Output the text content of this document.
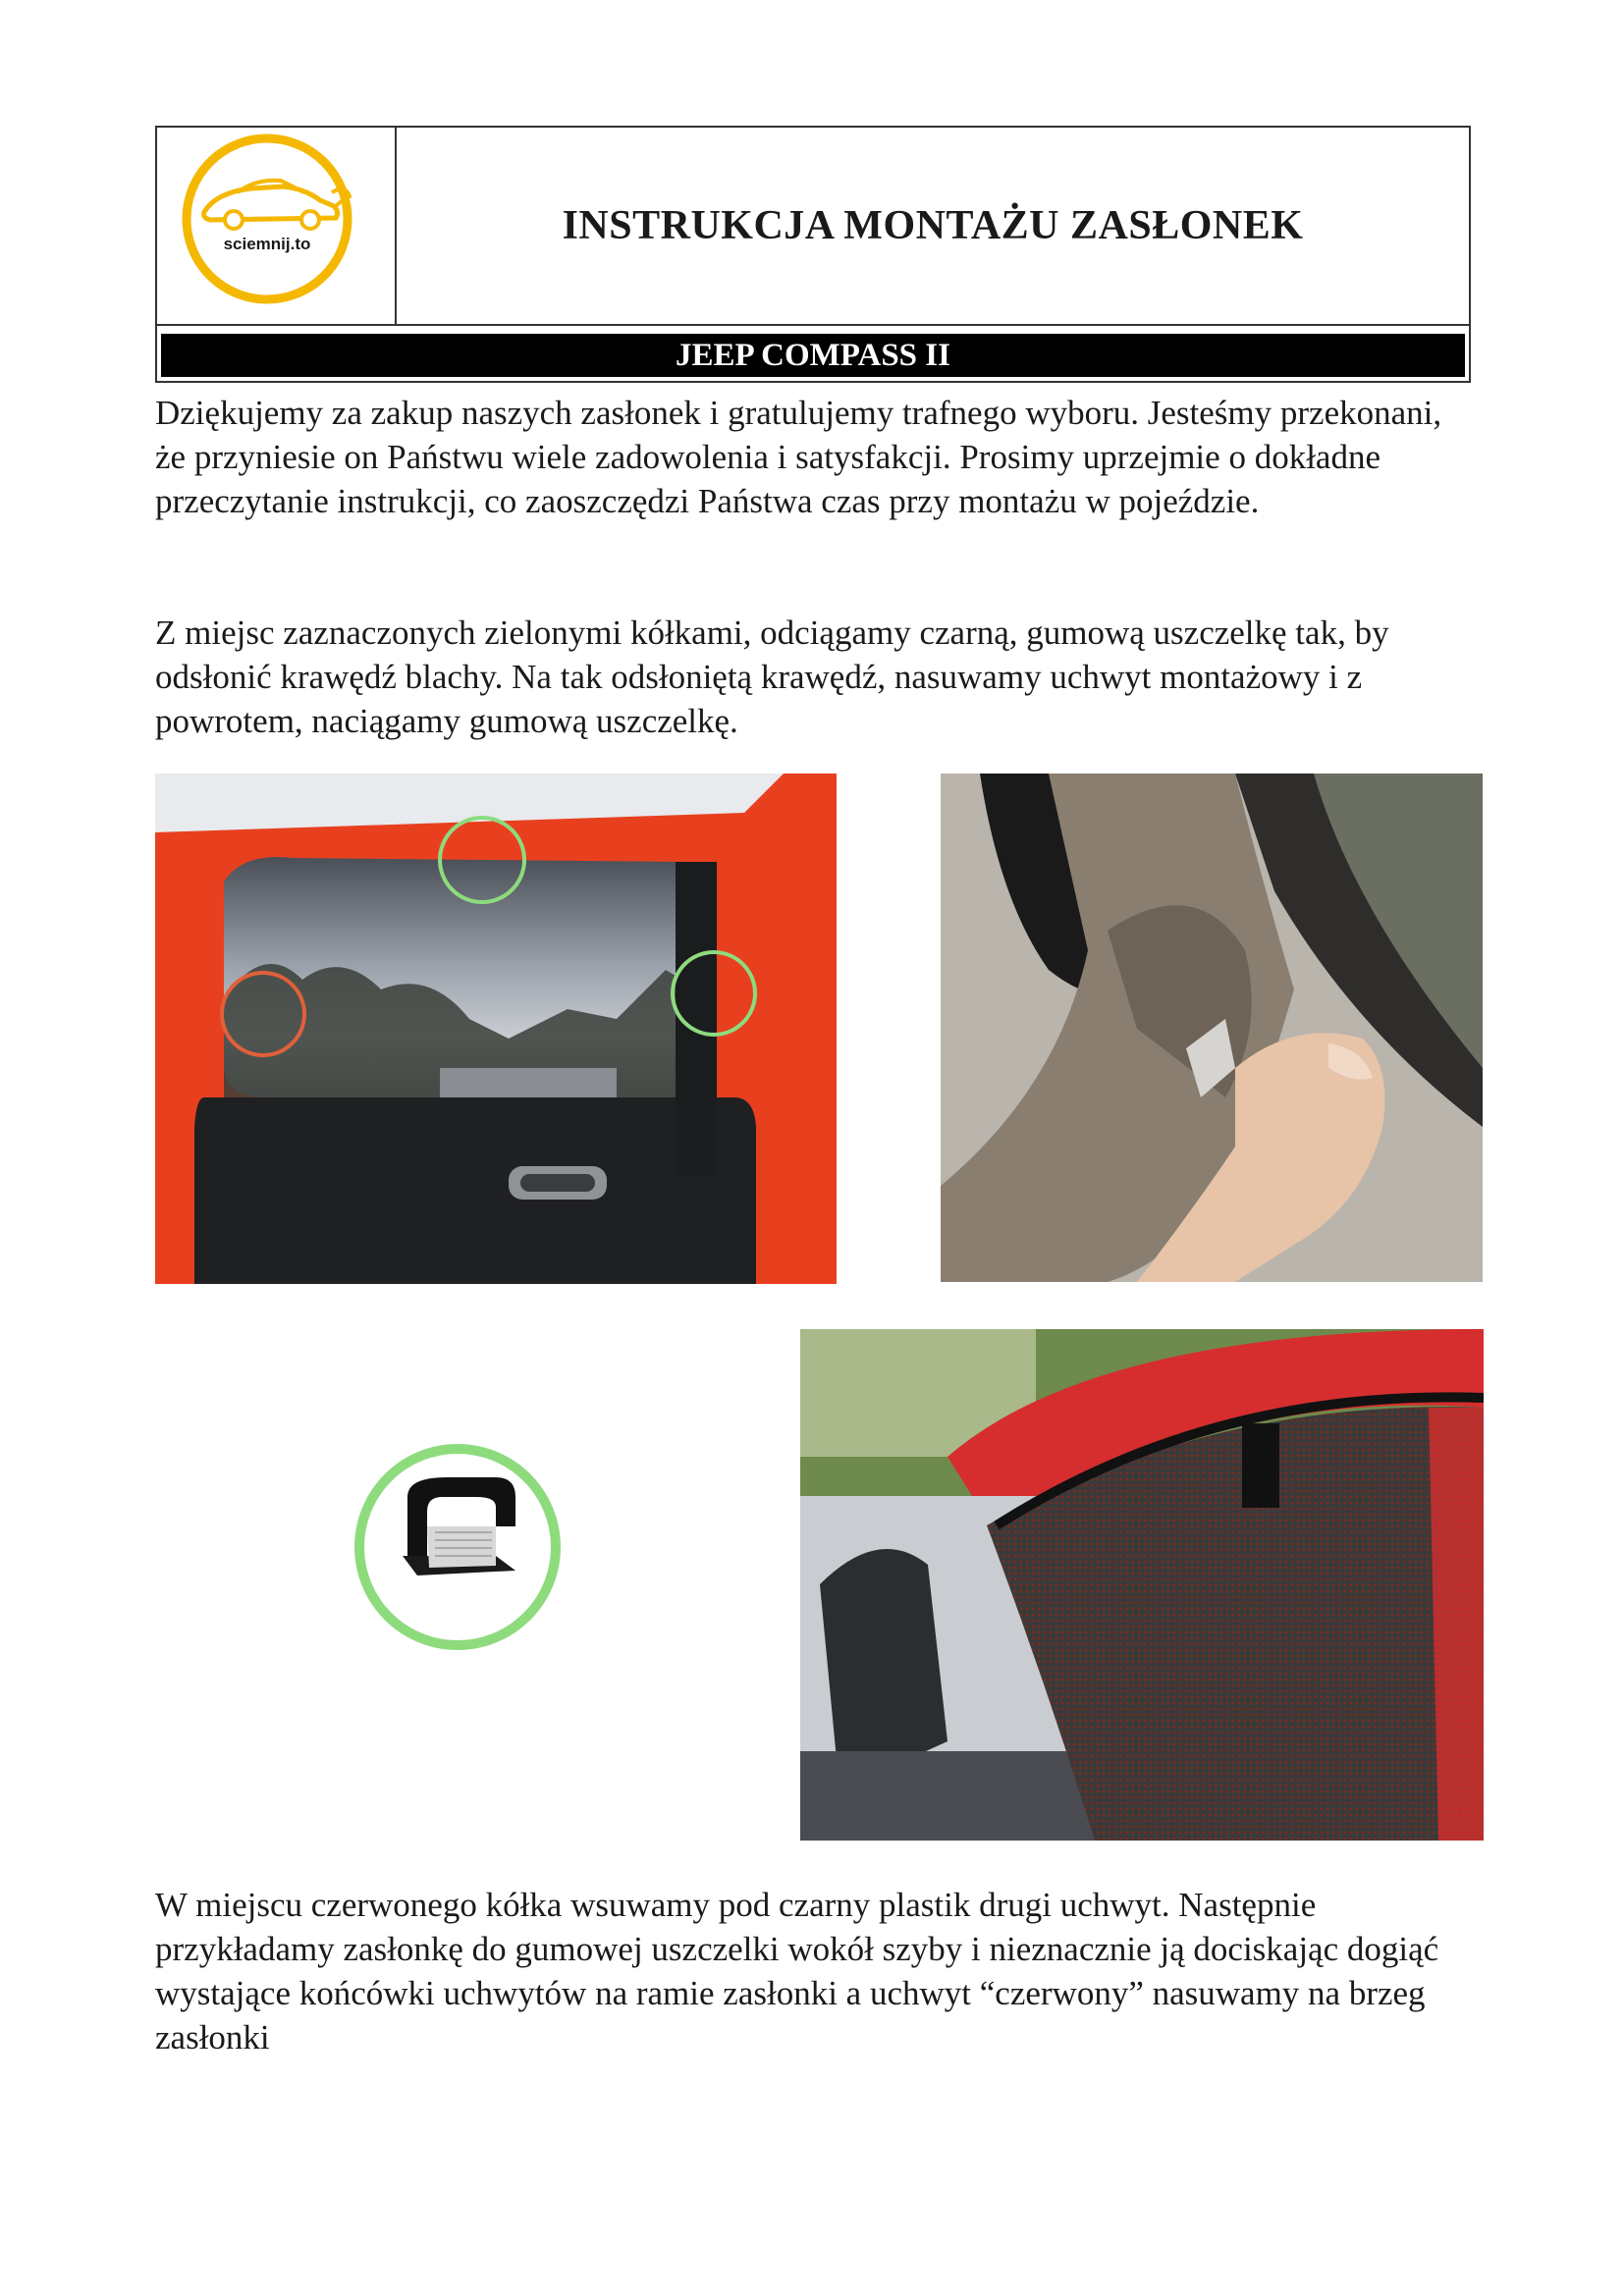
sciemnij.to	INSTRUKCJA MONTAŻU ZASŁONEK
JEEP COMPASS II

Dziękujemy za zakup naszych zasłonek i gratulujemy trafnego wyboru. Jesteśmy przekonani, że przyniesie on Państwu wiele zadowolenia i satysfakcji. Prosimy uprzejmie o dokładne przeczytanie instrukcji, co zaoszczędzi Państwa czas przy montażu w pojeździe.

Z miejsc zaznaczonych zielonymi kółkami, odciągamy czarną, gumową uszczelkę tak, by odsłonić krawędź blachy. Na tak odsłoniętą krawędź, nasuwamy uchwyt montażowy i z powrotem, naciągamy gumową uszczelkę.

W miejscu czerwonego kółka wsuwamy pod czarny plastik drugi uchwyt. Następnie przykładamy zasłonkę do gumowej uszczelki wokół szyby i nieznacznie ją dociskając dogiąć wystające końcówki uchwytów na ramie zasłonki a uchwyt “czerwony” nasuwamy na brzeg zasłonki
